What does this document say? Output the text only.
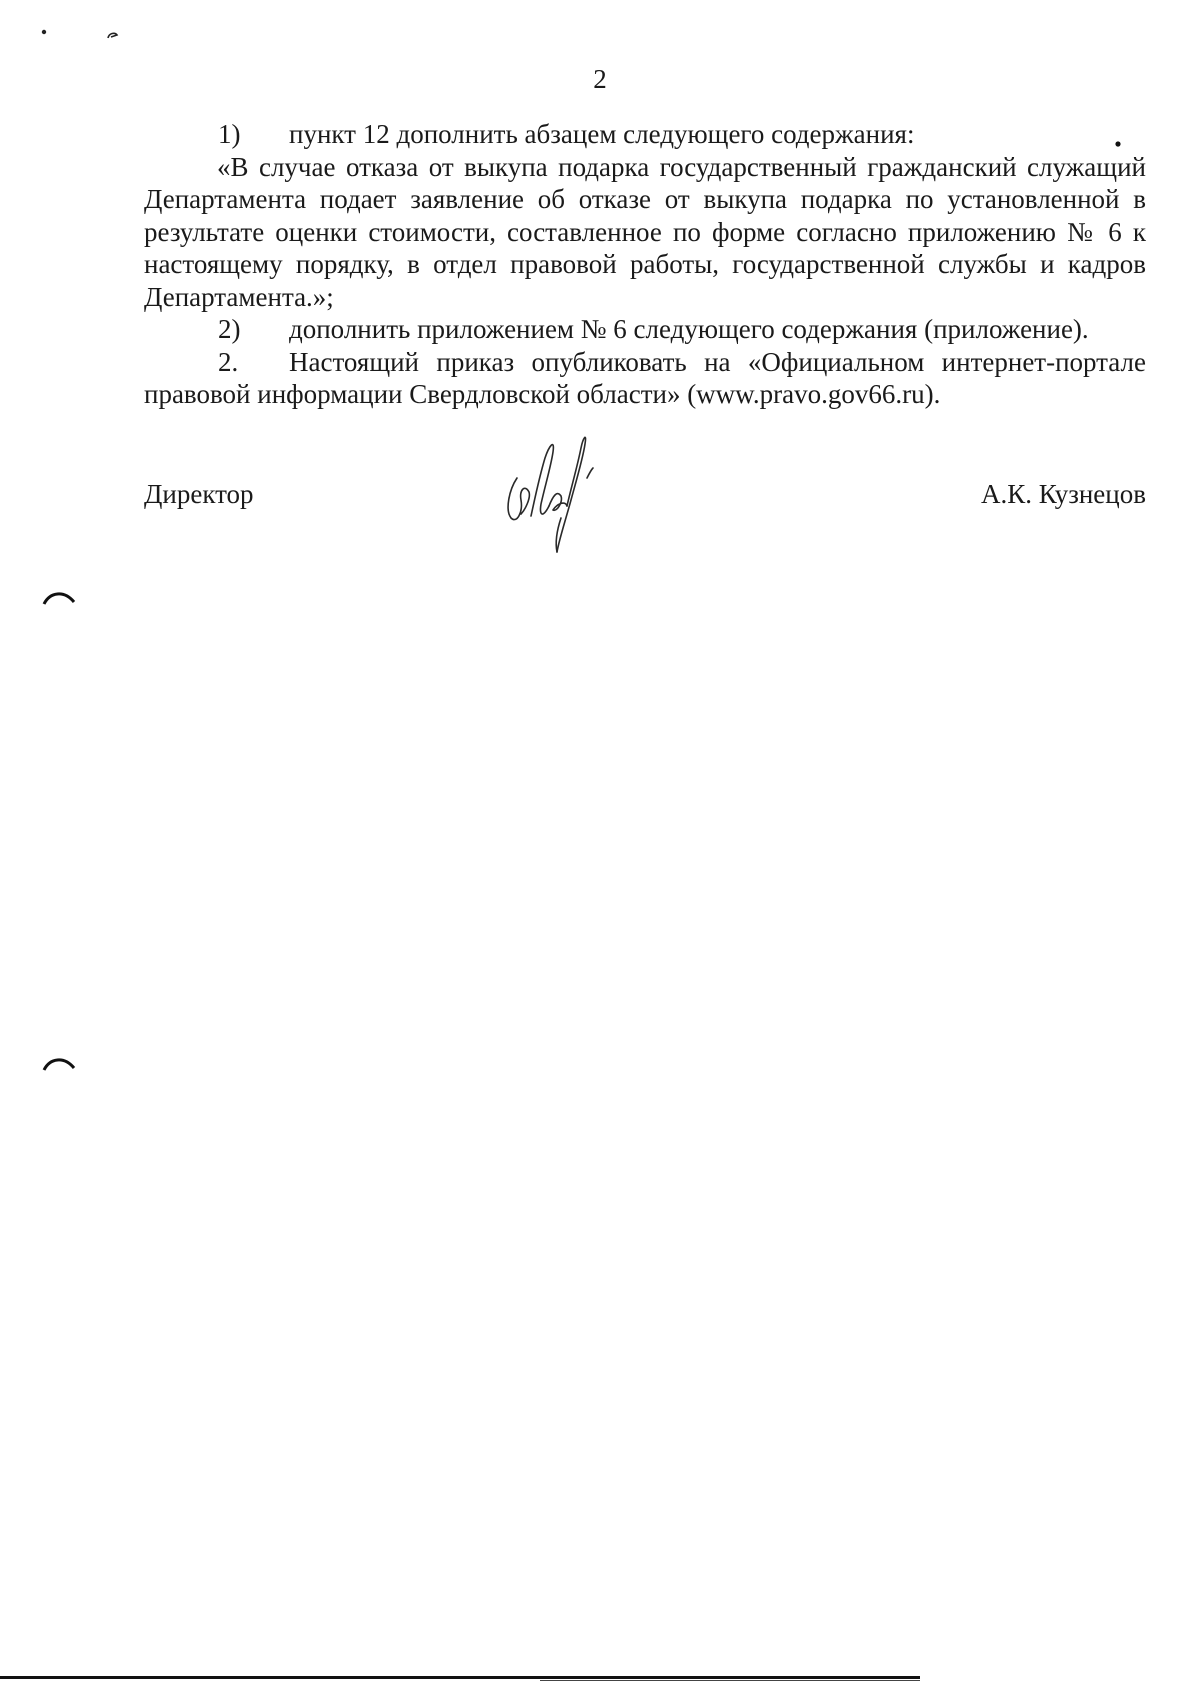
2
1)	пункт 12 дополнить абзацем следующего содержания:

«В случае отказа от выкупа подарка государственный гражданский служащий Департамента подает заявление об отказе от выкупа подарка по установленной в результате оценки стоимости, составленное по форме согласно приложению № 6 к настоящему порядку, в отдел правовой работы, государственной службы и кадров Департамента.»;

2)	дополнить приложением № 6 следующего содержания (приложение).
2.	Настоящий приказ опубликовать на «Официальном интернет-портале

правовой информации Свердловской области» (www.pravo.gov66.ru).

Директор	А.К. Кузнецов
